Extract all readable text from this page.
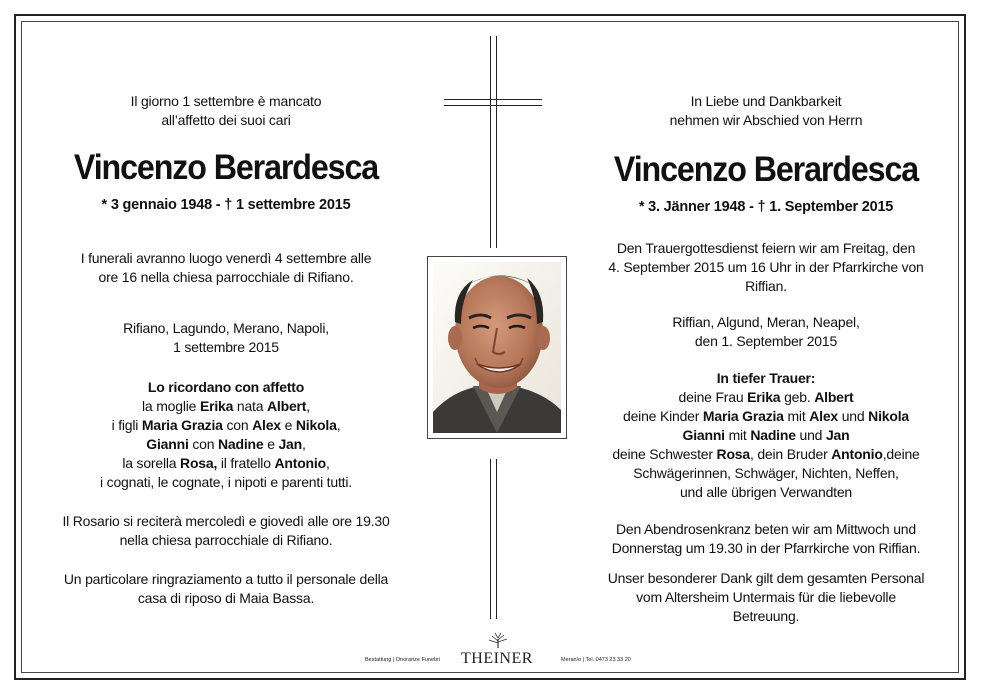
Il giorno 1 settembre è mancato

all’affetto dei suoi cari

Vincenzo Berardesca

* 3 gennaio 1948 - † 1 settembre 2015

I funerali avranno luogo venerdì 4 settembre alle

ore 16 nella chiesa parrocchiale di Rifiano.

Rifiano, Lagundo, Merano, Napoli,

1 settembre 2015

Lo ricordano con affetto

la moglie Erika nata Albert,

i figli Maria Grazia con Alex e Nikola,

Gianni con Nadine e Jan,

la sorella Rosa, il fratello Antonio,

i cognati, le cognate, i nipoti e parenti tutti.

Il Rosario si reciterà mercoledì e giovedì alle ore 19.30

nella chiesa parrocchiale di Rifiano.

Un particolare ringraziamento a tutto il personale della

casa di riposo di Maia Bassa.

In Liebe und Dankbarkeit

nehmen wir Abschied von Herrn

Vincenzo Berardesca

* 3. Jänner 1948 - † 1. September 2015

Den Trauergottesdienst feiern wir am Freitag, den

4. September 2015 um 16 Uhr in der Pfarrkirche von

Riffian.

Riffian, Algund, Meran, Neapel,

den 1. September 2015

In tiefer Trauer:

deine Frau Erika geb. Albert

deine Kinder Maria Grazia mit Alex und Nikola

Gianni mit Nadine und Jan

deine Schwester Rosa, dein Bruder Antonio,deine

Schwägerinnen, Schwäger, Nichten, Neffen,

und alle übrigen Verwandten

Den Abendrosenkranz beten wir am Mittwoch und

Donnerstag um 19.30 in der Pfarrkirche von Riffian.

Unser besonderer Dank gilt dem gesamten Personal

vom Altersheim Untermais für die liebevolle

Betreuung.

Bestattung | Onoranze Funebri THEINER	Meran/o | Tel. 0473 23 33 20
